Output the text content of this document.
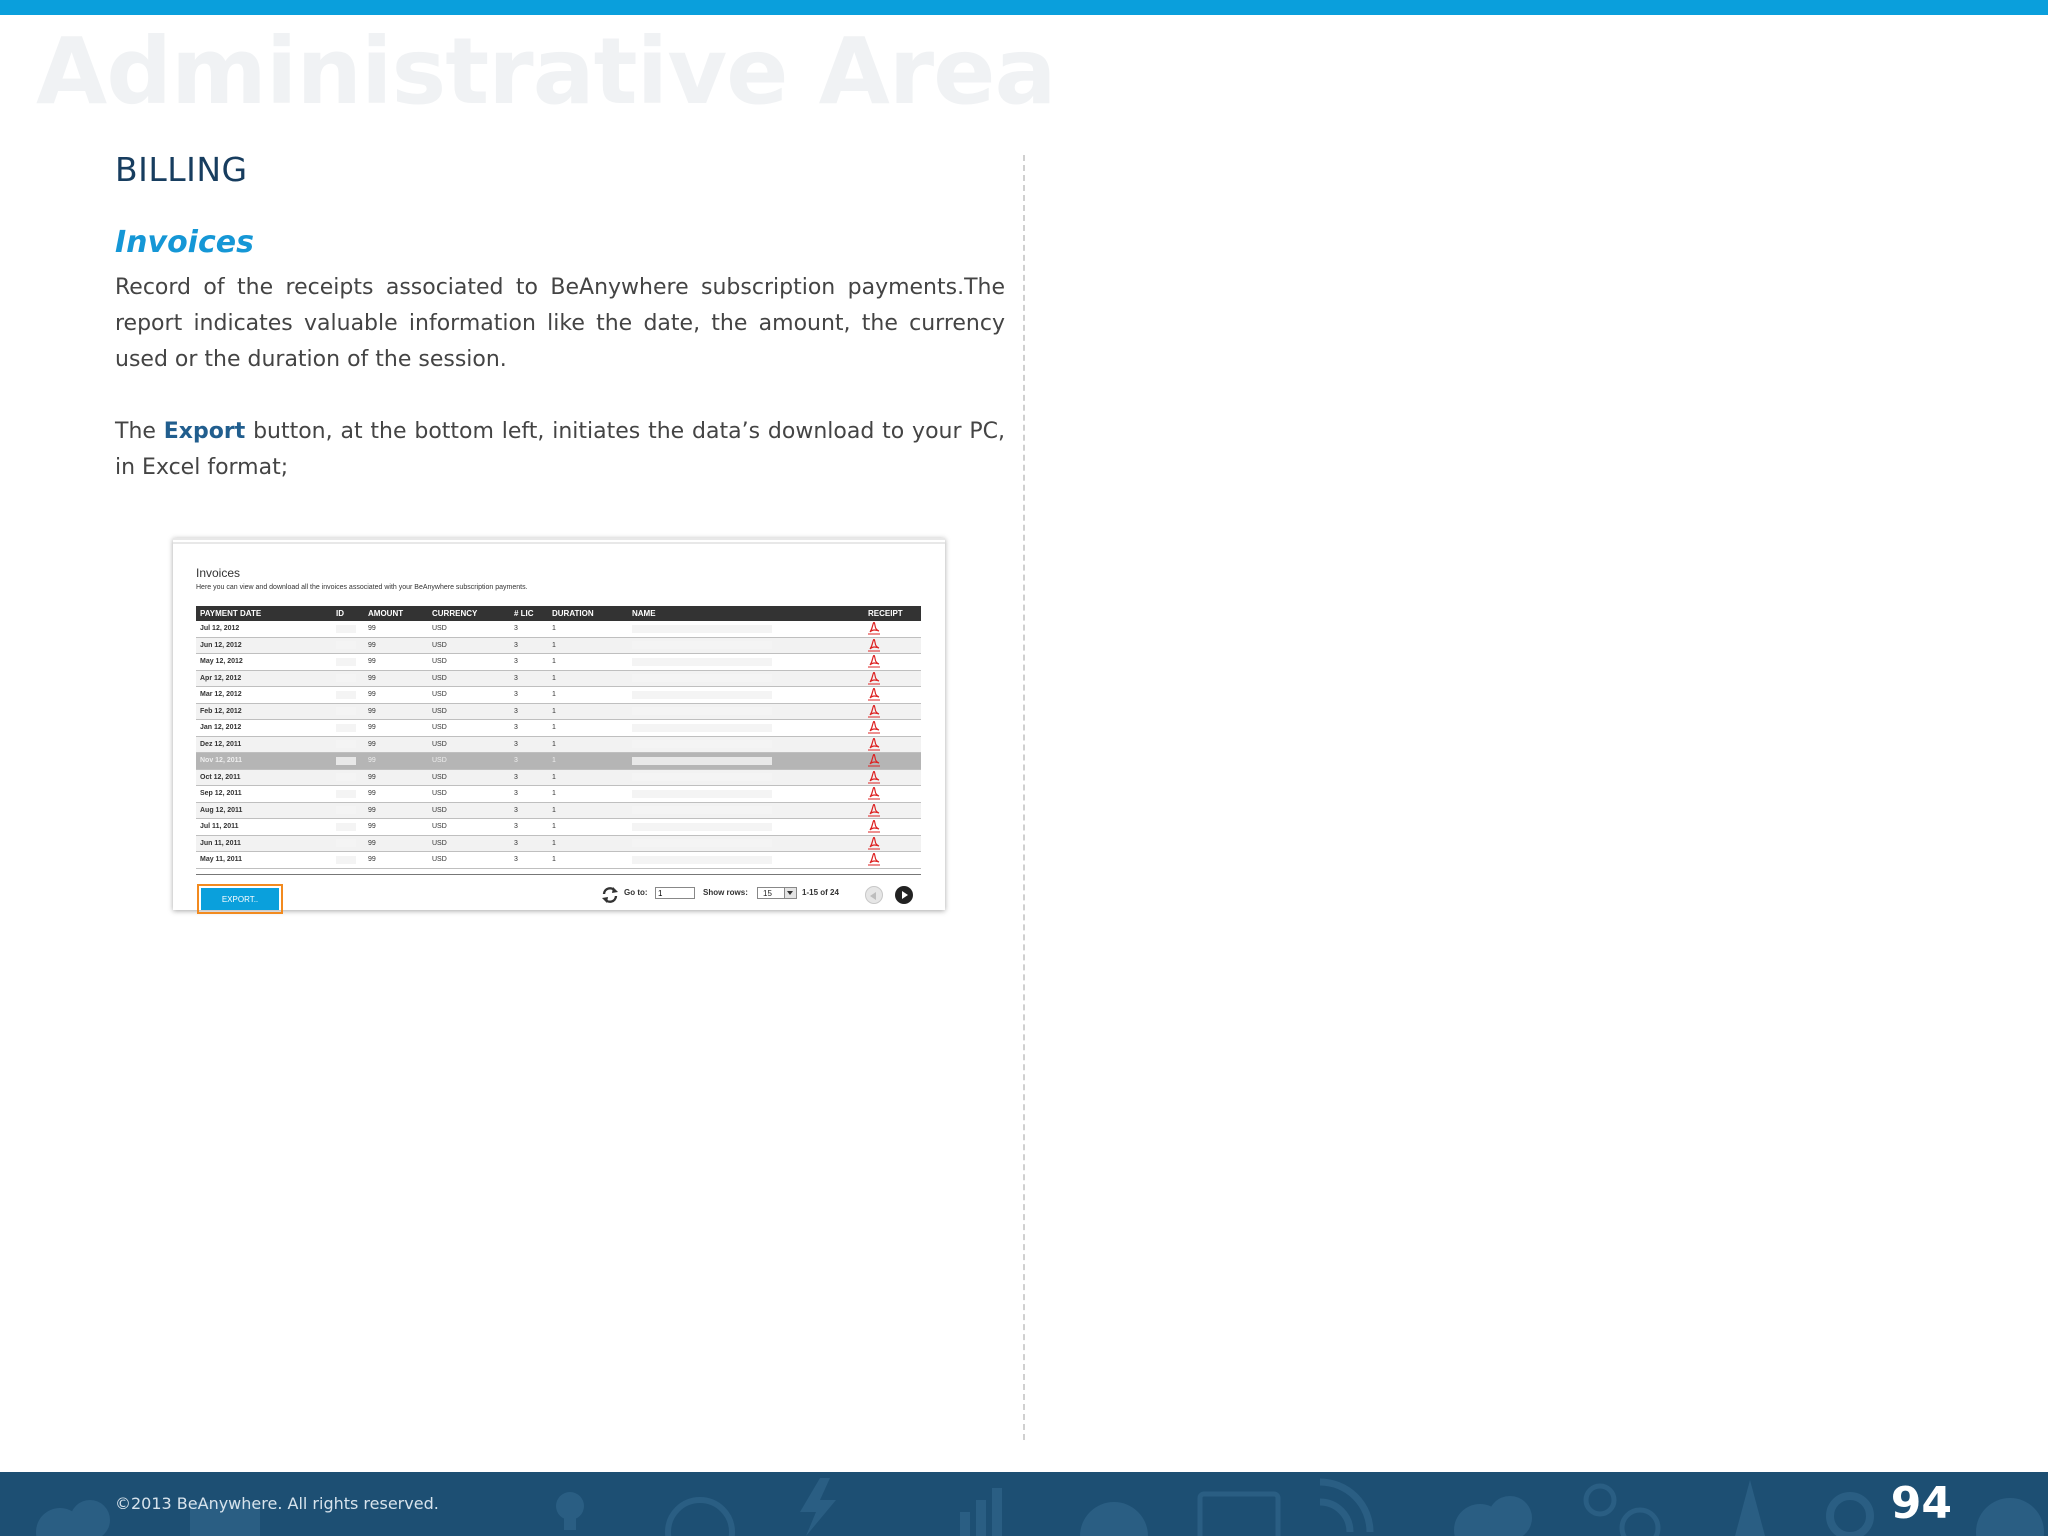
Administrative Area
BILLING
Invoices

Record of the receipts associated to BeAnywhere subscription payments.The report indicates valuable information like the date, the amount, the currency used or the duration of the session.

The Export button, at the bottom left, initiates the data’s download to your PC, in Excel format;

Invoices
Here you can view and download all the invoices associated with your BeAnywhere subscription payments.
PAYMENT DATE	ID	AMOUNT	CURRENCY	# LIC	DURATION	NAME	RECEIPT
Jul 12, 2012		99	USD	3	1		
Jun 12, 2012		99	USD	3	1		
May 12, 2012		99	USD	3	1		
Apr 12, 2012		99	USD	3	1		
Mar 12, 2012		99	USD	3	1		
Feb 12, 2012		99	USD	3	1		
Jan 12, 2012		99	USD	3	1		
Dez 12, 2011		99	USD	3	1		
Nov 12, 2011		99	USD	3	1		
Oct 12, 2011		99	USD	3	1		
Sep 12, 2011		99	USD	3	1		
Aug 12, 2011		99	USD	3	1		
Jul 11, 2011		99	USD	3	1		
Jun 11, 2011		99	USD	3	1		
May 11, 2011		99	USD	3	1		
EXPORT..
Go to:
1	Show rows: 15	1-15 of 24
©2013 BeAnywhere. All rights reserved.	94
